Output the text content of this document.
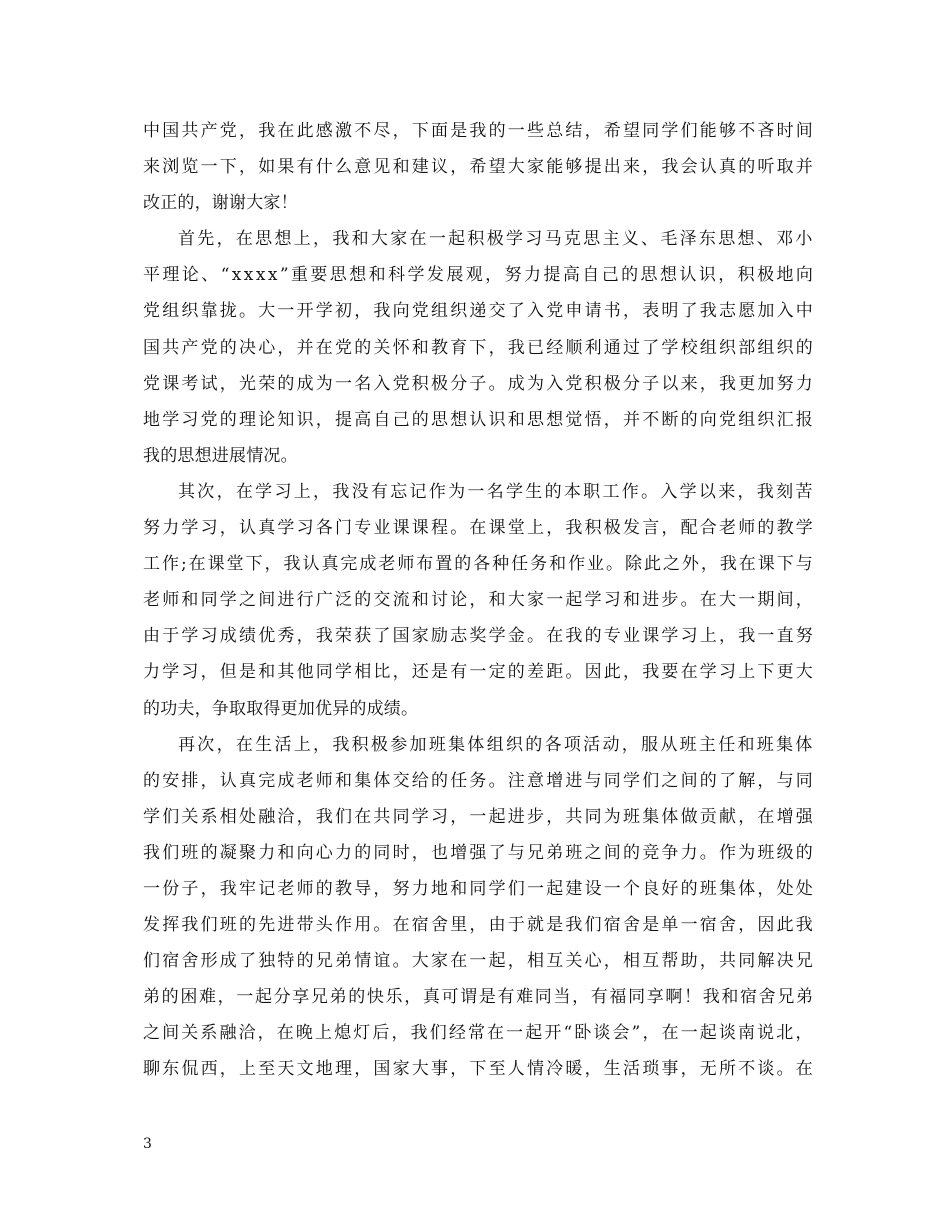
中国共产党，我在此感激不尽，下面是我的一些总结，希望同学们能够不吝时间
来浏览一下，如果有什么意见和建议，希望大家能够提出来，我会认真的听取并
改正的，谢谢大家！
首先，在思想上，我和大家在一起积极学习马克思主义、毛泽东思想、邓小
平理论、“xxxx”重要思想和科学发展观，努力提高自己的思想认识，积极地向
党组织靠拢。大一开学初，我向党组织递交了入党申请书，表明了我志愿加入中
国共产党的决心，并在党的关怀和教育下，我已经顺利通过了学校组织部组织的
党课考试，光荣的成为一名入党积极分子。成为入党积极分子以来，我更加努力
地学习党的理论知识，提高自己的思想认识和思想觉悟，并不断的向党组织汇报
我的思想进展情况。
其次，在学习上，我没有忘记作为一名学生的本职工作。入学以来，我刻苦
努力学习，认真学习各门专业课课程。在课堂上，我积极发言，配合老师的教学
工作;在课堂下，我认真完成老师布置的各种任务和作业。除此之外，我在课下与
老师和同学之间进行广泛的交流和讨论，和大家一起学习和进步。在大一期间，
由于学习成绩优秀，我荣获了国家励志奖学金。在我的专业课学习上，我一直努
力学习，但是和其他同学相比，还是有一定的差距。因此，我要在学习上下更大
的功夫，争取取得更加优异的成绩。
再次，在生活上，我积极参加班集体组织的各项活动，服从班主任和班集体
的安排，认真完成老师和集体交给的任务。注意增进与同学们之间的了解，与同
学们关系相处融洽，我们在共同学习，一起进步，共同为班集体做贡献，在增强
我们班的凝聚力和向心力的同时，也增强了与兄弟班之间的竞争力。作为班级的
一份子，我牢记老师的教导，努力地和同学们一起建设一个良好的班集体，处处
发挥我们班的先进带头作用。在宿舍里，由于就是我们宿舍是单一宿舍，因此我
们宿舍形成了独特的兄弟情谊。大家在一起，相互关心，相互帮助，共同解决兄
弟的困难，一起分享兄弟的快乐，真可谓是有难同当，有福同享啊！我和宿舍兄弟
之间关系融洽，在晚上熄灯后，我们经常在一起开“卧谈会”，在一起谈南说北，
聊东侃西，上至天文地理，国家大事，下至人情冷暖，生活琐事，无所不谈。在
3
